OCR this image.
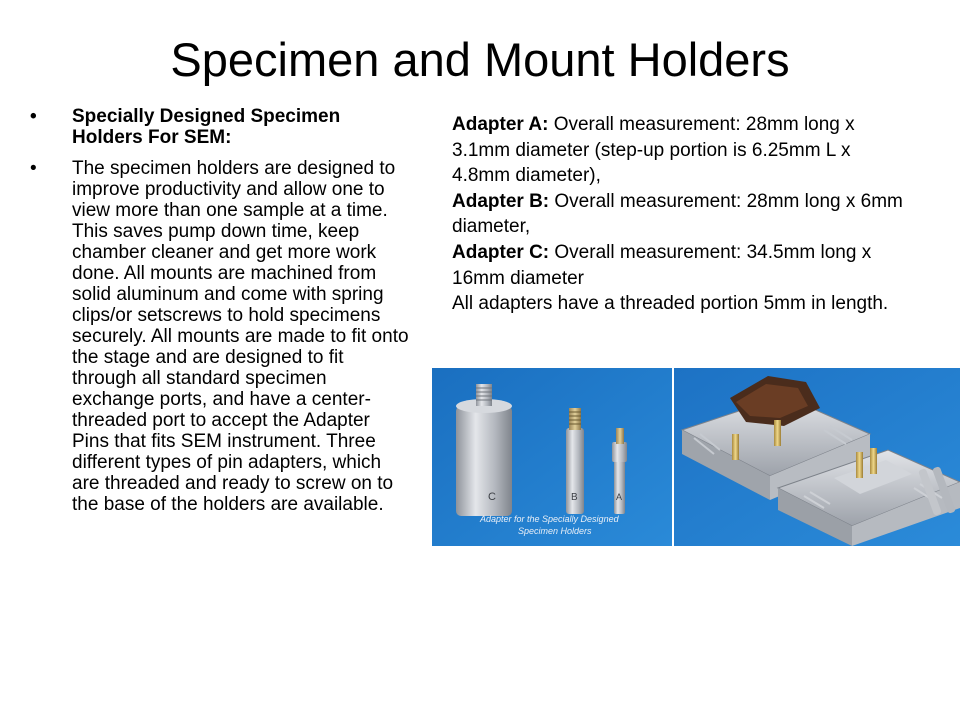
Specimen and Mount Holders
• Specially Designed Specimen Holders For SEM:
• The specimen holders are designed to improve productivity and allow one to view more than one sample at a time. This saves pump down time, keep chamber cleaner and get more work done. All mounts are machined from solid aluminum and come with spring clips/or setscrews to hold specimens securely. All mounts are made to fit onto the stage and are designed to fit through all standard specimen exchange ports, and have a center-threaded port to accept the Adapter Pins that fits SEM instrument. Three different types of pin adapters, which are threaded and ready to screw on to the base of the holders are available.
Adapter A: Overall measurement: 28mm long x 3.1mm diameter (step-up portion is 6.25mm L x 4.8mm diameter),
Adapter B: Overall measurement: 28mm long x 6mm diameter,
Adapter C: Overall measurement: 34.5mm long x 16mm diameter
All adapters have a threaded portion 5mm in length.
C	B	A
Adapter for the Specially Designed
Specimen Holders
